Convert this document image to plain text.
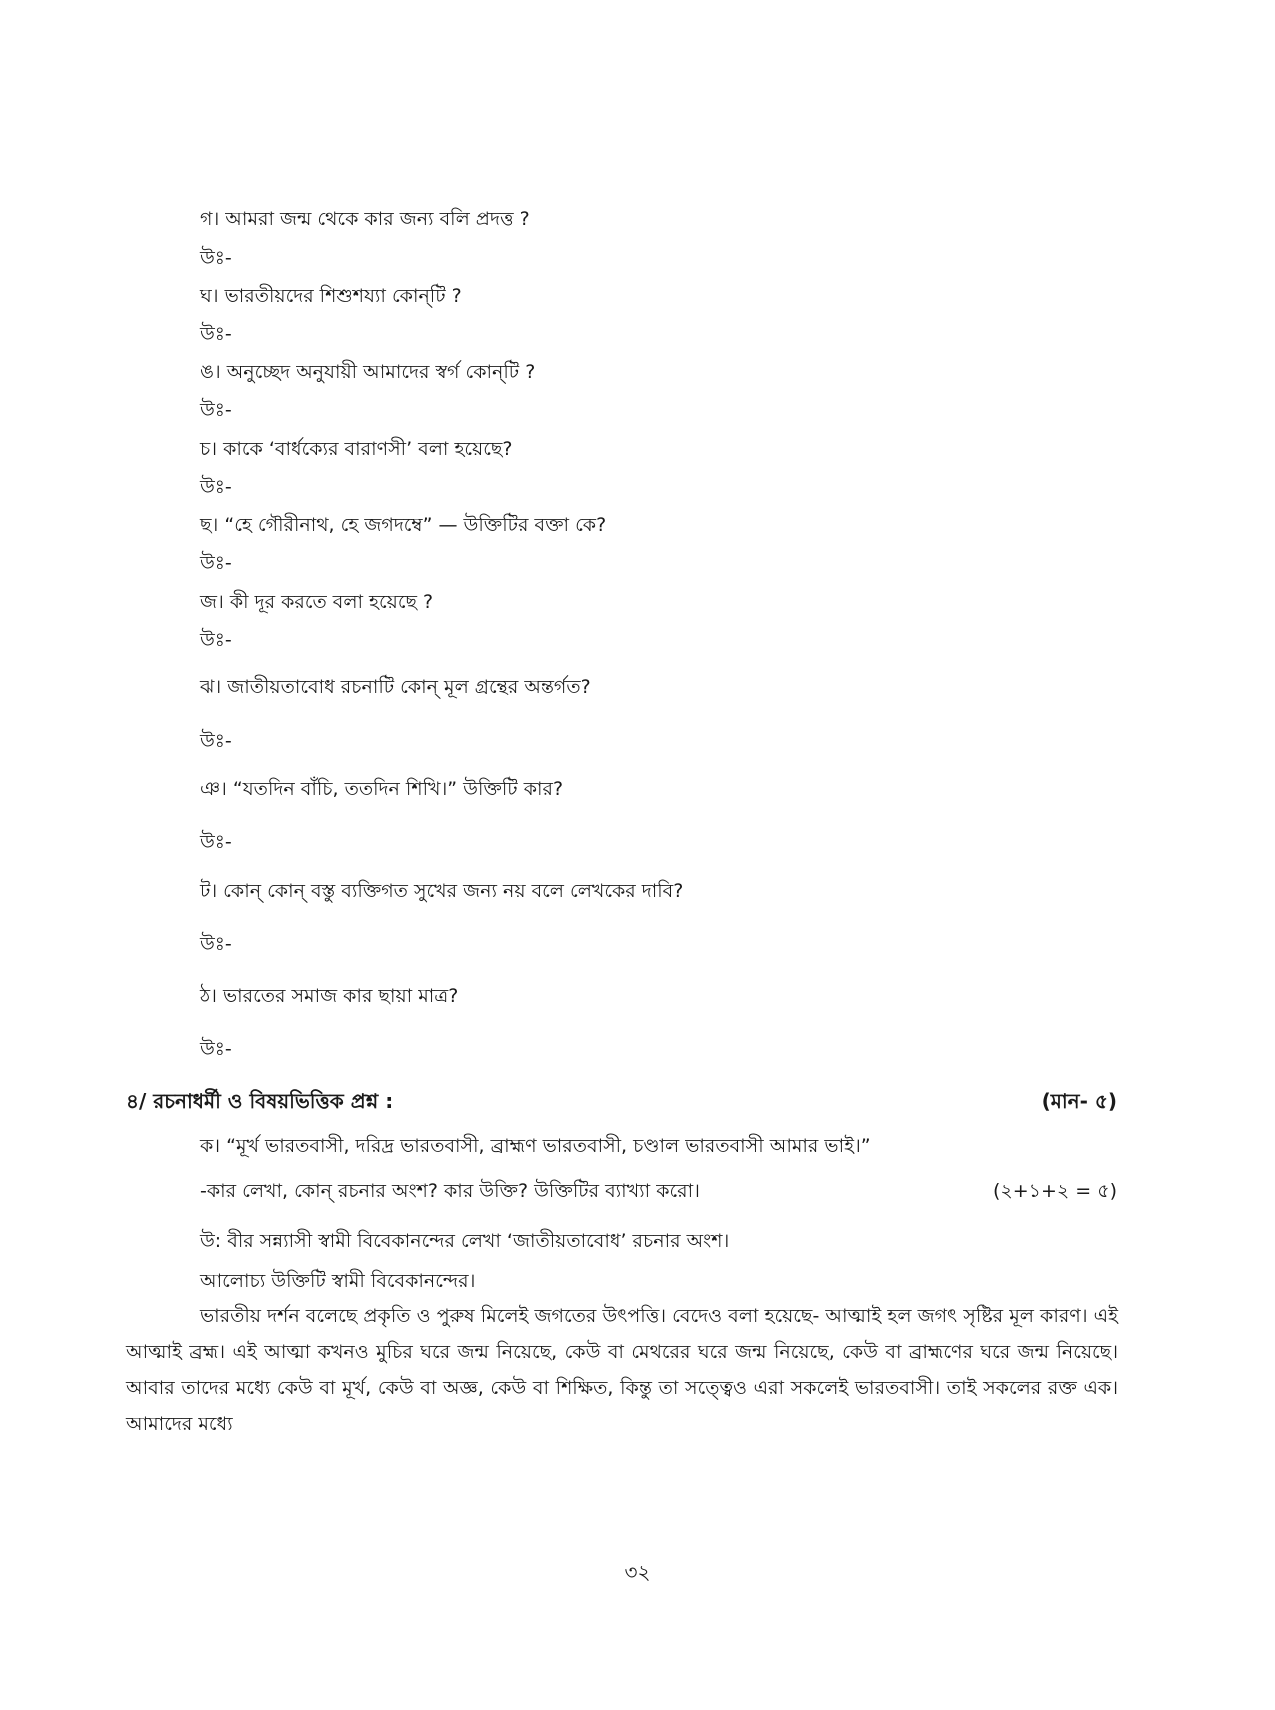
গ। আমরা জন্ম থেকে কার জন্য বলি প্রদত্ত ?
উঃ-
ঘ। ভারতীয়দের শিশুশয্যা কোন্‌টি ?
উঃ-
ঙ। অনুচ্ছেদ অনুযায়ী আমাদের স্বর্গ কোন্‌টি ?
উঃ-
চ। কাকে ‘বার্ধক্যের বারাণসী’ বলা হয়েছে?
উঃ-
ছ। “হে গৌরীনাথ, হে জগদম্বে” — উক্তিটির বক্তা কে?
উঃ-
জ। কী দূর করতে বলা হয়েছে ?
উঃ-
ঝ। জাতীয়তাবোধ রচনাটি কোন্‌ মূল গ্রন্থের অন্তর্গত?
উঃ-
ঞ। “যতদিন বাঁচি, ততদিন শিখি।” উক্তিটি কার?
উঃ-
ট। কোন্‌ কোন্‌ বস্তু ব্যক্তিগত সুখের জন্য নয় বলে লেখকের দাবি?
উঃ-
ঠ। ভারতের সমাজ কার ছায়া মাত্র?
উঃ-
৪/ রচনাধর্মী ও বিষয়ভিত্তিক প্রশ্ন :	(মান- ৫)
ক। “মূর্খ ভারতবাসী, দরিদ্র ভারতবাসী, ব্রাহ্মণ ভারতবাসী, চণ্ডাল ভারতবাসী আমার ভাই।”
-কার লেখা, কোন্‌ রচনার অংশ? কার উক্তি? উক্তিটির ব্যাখ্যা করো।	(২+১+২ = ৫)
উ: বীর সন্ন্যাসী স্বামী বিবেকানন্দের লেখা ‘জাতীয়তাবোধ’ রচনার অংশ।
আলোচ্য উক্তিটি স্বামী বিবেকানন্দের।
ভারতীয় দর্শন বলেছে প্রকৃতি ও পুরুষ মিলেই জগতের উৎপত্তি। বেদেও বলা হয়েছে- আত্মাই হল জগৎ সৃষ্টির মূল কারণ। এই আত্মাই ব্রহ্ম। এই আত্মা কখনও মুচির ঘরে জন্ম নিয়েছে, কেউ বা মেথরের ঘরে জন্ম নিয়েছে, কেউ বা ব্রাহ্মণের ঘরে জন্ম নিয়েছে। আবার তাদের মধ্যে কেউ বা মূর্খ, কেউ বা অজ্ঞ, কেউ বা শিক্ষিত, কিন্তু তা সত্ত্বেও এরা সকলেই ভারতবাসী। তাই সকলের রক্ত এক। আমাদের মধ্যে
৩২
